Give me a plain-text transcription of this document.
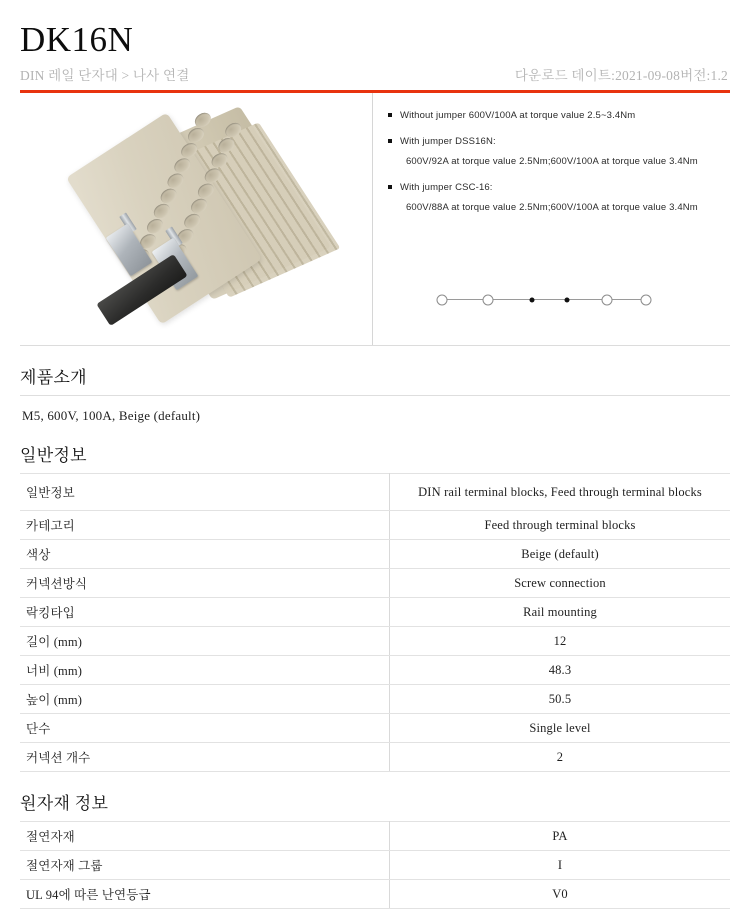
DK16N
DIN 레일 단자대 > 나사 연결	다운로드 데이트:2021-09-08버전:1.2
Without jumper 600V/100A at torque value 2.5~3.4Nm
With jumper DSS16N:
600V/92A at torque value 2.5Nm;600V/100A at torque value 3.4Nm
With jumper CSC-16:
600V/88A at torque value 2.5Nm;600V/100A at torque value 3.4Nm
제품소개
M5, 600V, 100A, Beige (default)
일반정보
일반정보	DIN rail terminal blocks, Feed through terminal blocks
카테고리	Feed through terminal blocks
색상	Beige (default)
커넥션방식	Screw connection
락킹타입	Rail mounting
길이 (mm)	12
너비 (mm)	48.3
높이 (mm)	50.5
단수	Single level
커넥션 개수	2
원자재 정보
절연자재	PA
절연자재 그룹	I
UL 94에 따른 난연등급	V0
